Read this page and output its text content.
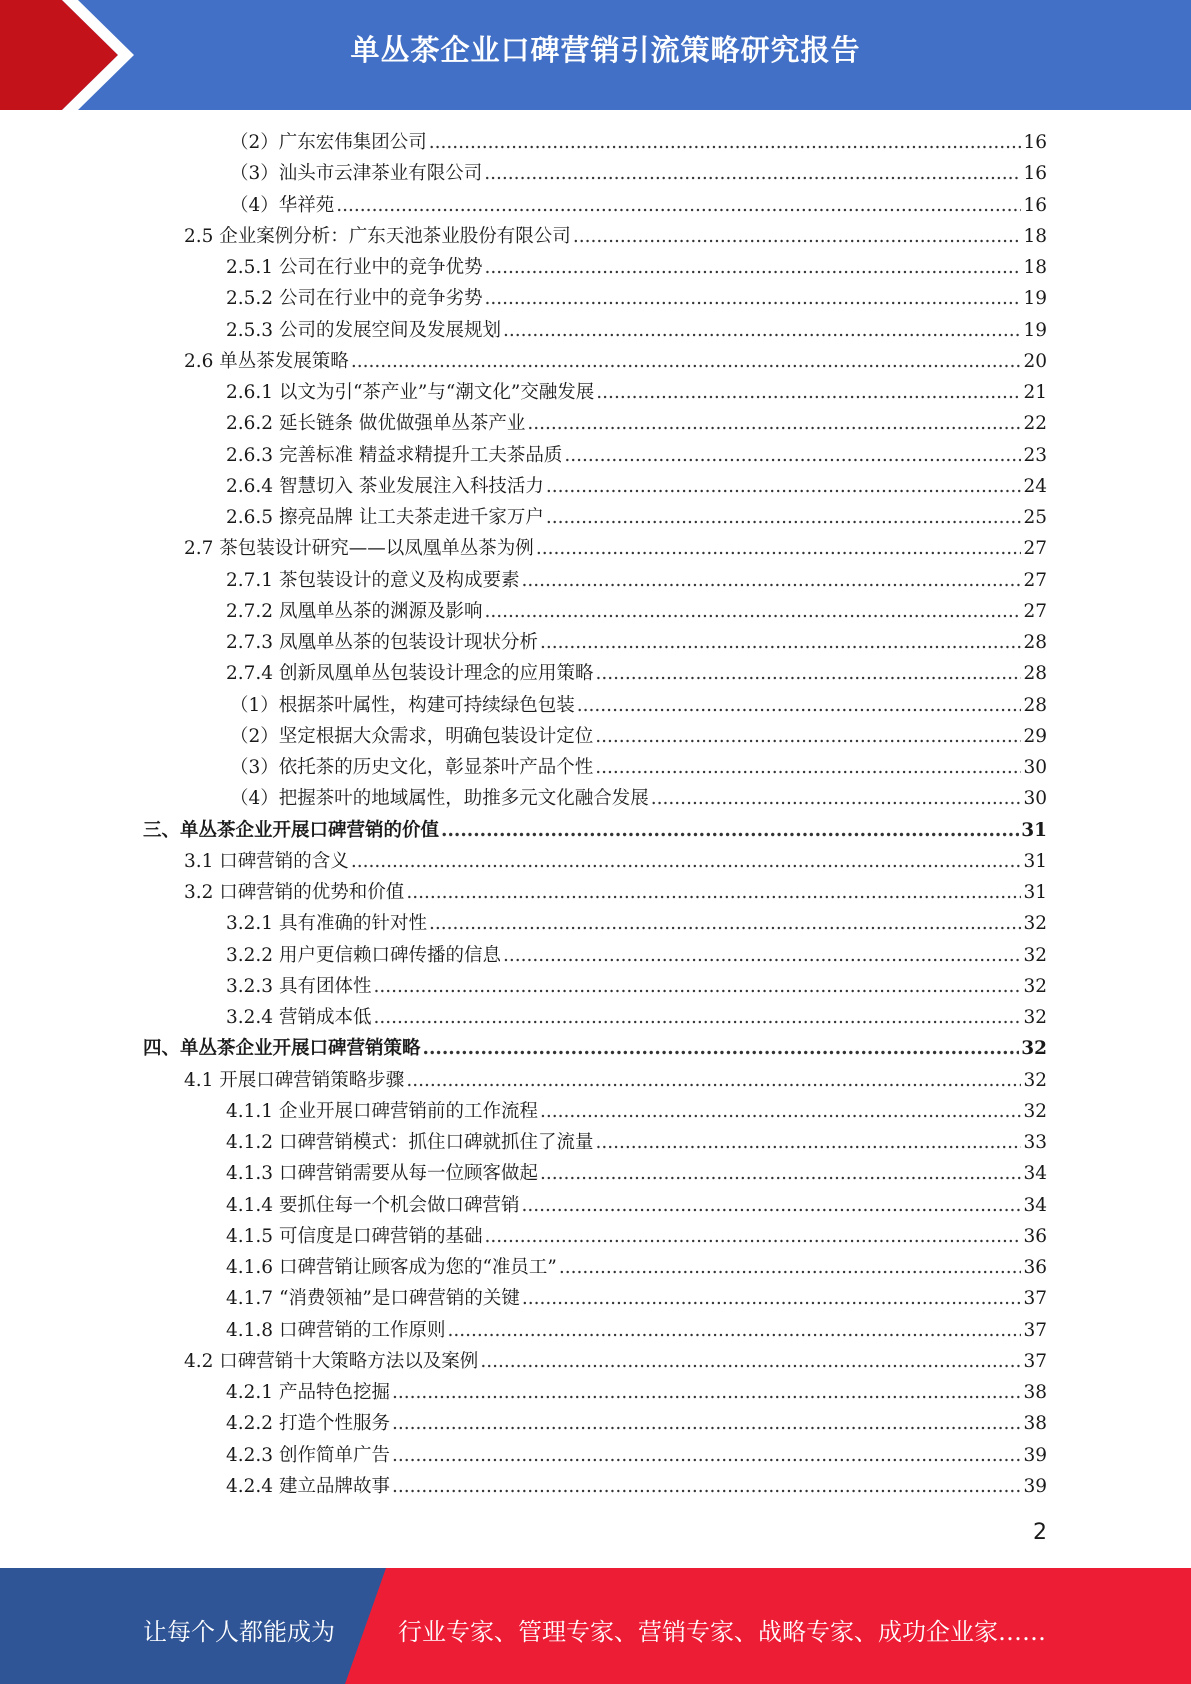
单丛茶企业口碑营销引流策略研究报告
（2）广东宏伟集团公司 .....	16
（3）汕头市云津茶业有限公司 .....	16
（4）华祥苑 .....	16
2.5 企业案例分析：广东天池茶业股份有限公司 .....	18
2.5.1 公司在行业中的竞争优势 .....	18
2.5.2 公司在行业中的竞争劣势 .....	19
2.5.3 公司的发展空间及发展规划 .....	19
2.6 单丛茶发展策略 .....	20
2.6.1 以文为引“茶产业”与“潮文化”交融发展 .....	21
2.6.2 延长链条 做优做强单丛茶产业 .....	22
2.6.3 完善标准 精益求精提升工夫茶品质 .....	23
2.6.4 智慧切入 茶业发展注入科技活力 .....	24
2.6.5 擦亮品牌 让工夫茶走进千家万户 .....	25
2.7 茶包装设计研究——以凤凰单丛茶为例 .....	27
2.7.1 茶包装设计的意义及构成要素 .....	27
2.7.2 凤凰单丛茶的渊源及影响 .....	27
2.7.3 凤凰单丛茶的包装设计现状分析 .....	28
2.7.4 创新凤凰单丛包装设计理念的应用策略 .....	28
（1）根据茶叶属性，构建可持续绿色包装 .....	28
（2）坚定根据大众需求，明确包装设计定位 .....	29
（3）依托茶的历史文化，彰显茶叶产品个性 .....	30
（4）把握茶叶的地域属性，助推多元文化融合发展 .....	30
三、单丛茶企业开展口碑营销的价值 .....	31
3.1 口碑营销的含义 .....	31
3.2 口碑营销的优势和价值 .....	31
3.2.1 具有准确的针对性 .....	32
3.2.2 用户更信赖口碑传播的信息 .....	32
3.2.3 具有团体性 .....	32
3.2.4 营销成本低 .....	32
四、单丛茶企业开展口碑营销策略 .....	32
4.1 开展口碑营销策略步骤 .....	32
4.1.1 企业开展口碑营销前的工作流程 .....	32
4.1.2 口碑营销模式：抓住口碑就抓住了流量 .....	33
4.1.3 口碑营销需要从每一位顾客做起 .....	34
4.1.4 要抓住每一个机会做口碑营销 .....	34
4.1.5 可信度是口碑营销的基础 .....	36
4.1.6 口碑营销让顾客成为您的“准员工” .....	36
4.1.7 “消费领袖”是口碑营销的关键 .....	37
4.1.8 口碑营销的工作原则 .....	37
4.2 口碑营销十大策略方法以及案例 .....	37
4.2.1 产品特色挖掘 .....	38
4.2.2 打造个性服务 .....	38
4.2.3 创作简单广告 .....	39
4.2.4 建立品牌故事 .....	39
2
让每个人都能成为	行业专家、管理专家、营销专家、战略专家、成功企业家……
